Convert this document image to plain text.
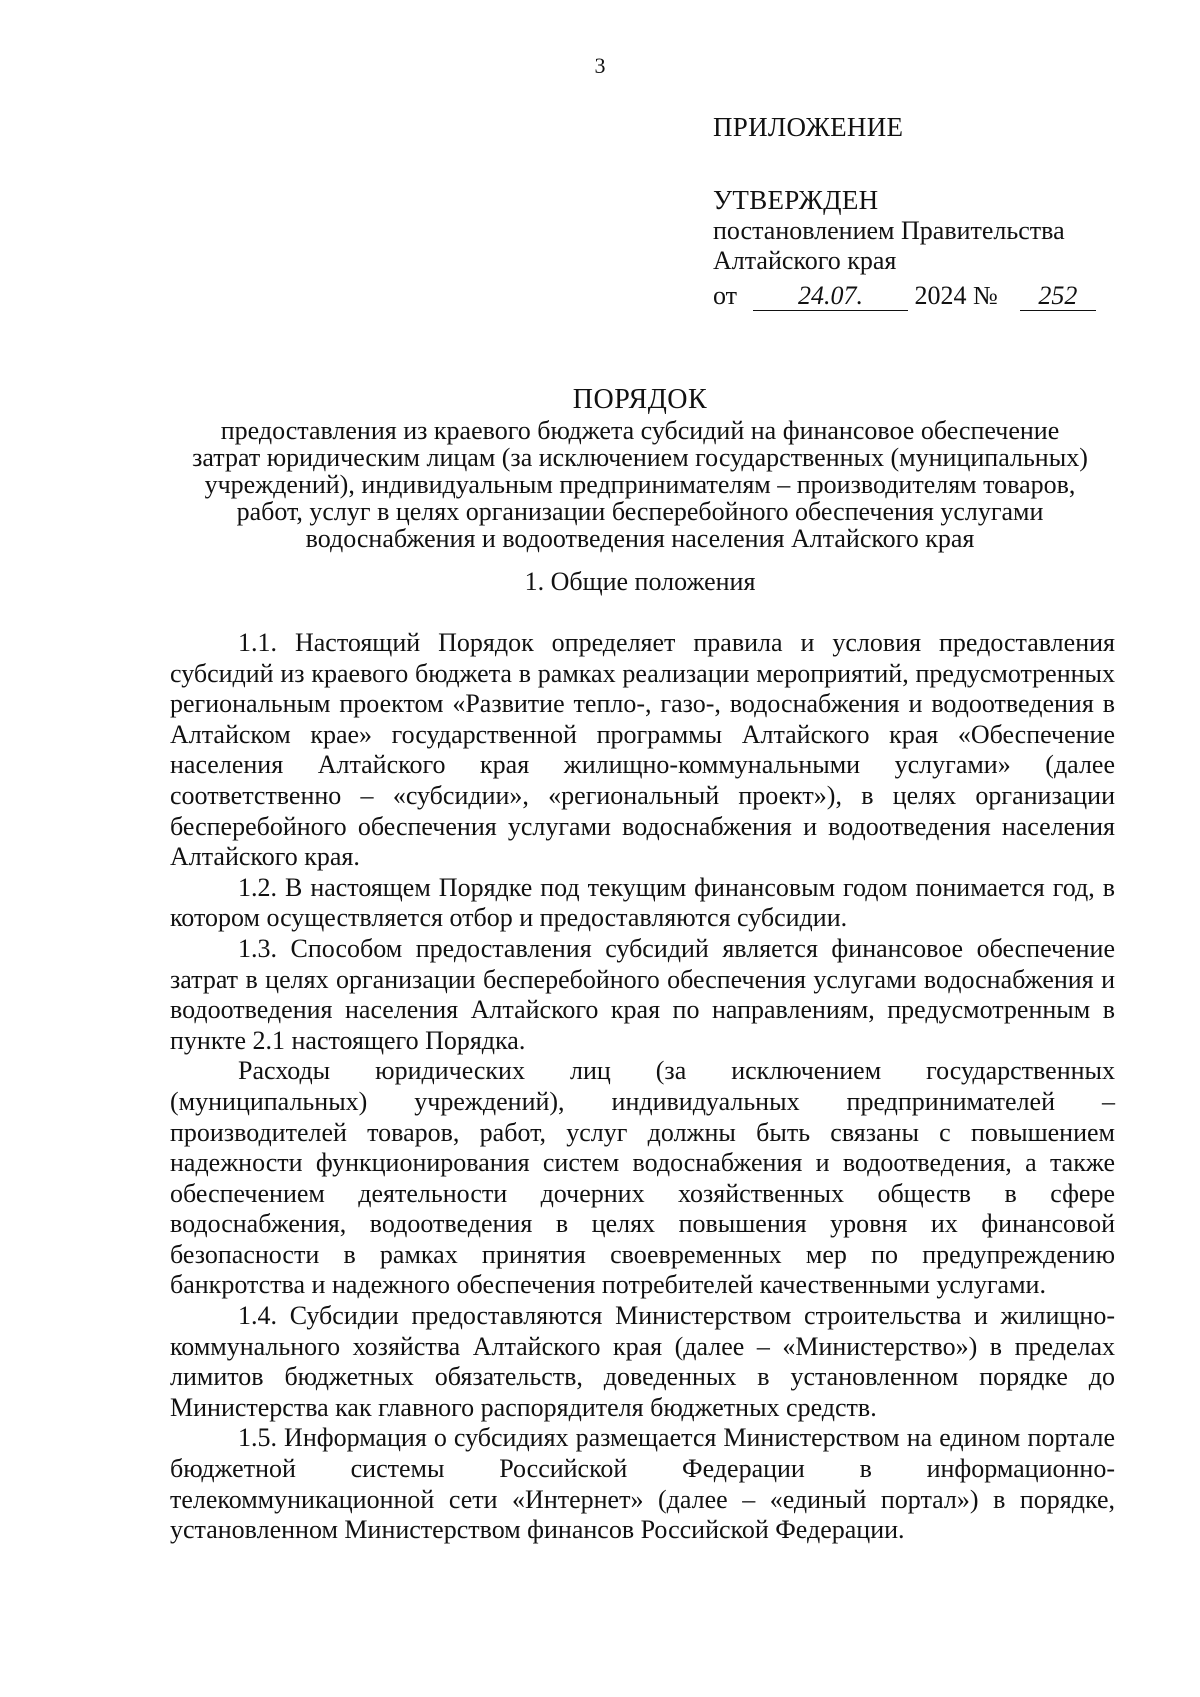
3
ПРИЛОЖЕНИЕ
УТВЕРЖДЕН
постановлением Правительства
Алтайского края
от 24.07. 2024 № 252
ПОРЯДОК
предоставления из краевого бюджета субсидий на финансовое обеспечение
затрат юридическим лицам (за исключением государственных (муниципальных)
учреждений), индивидуальным предпринимателям – производителям товаров,
работ, услуг в целях организации бесперебойного обеспечения услугами
водоснабжения и водоотведения населения Алтайского края
1. Общие положения

1.1. Настоящий Порядок определяет правила и условия предоставления субсидий из краевого бюджета в рамках реализации мероприятий, предусмотренных региональным проектом «Развитие тепло-, газо-, водоснабжения и водоотведения в Алтайском крае» государственной программы Алтайского края «Обеспечение населения Алтайского края жилищно-коммунальными услугами» (далее соответственно – «субсидии», «региональный проект»), в целях организации бесперебойного обеспечения услугами водоснабжения и водоотведения населения Алтайского края.

1.2. В настоящем Порядке под текущим финансовым годом понимается год, в котором осуществляется отбор и предоставляются субсидии.

1.3. Способом предоставления субсидий является финансовое обеспечение затрат в целях организации бесперебойного обеспечения услугами водоснабжения и водоотведения населения Алтайского края по направлениям, предусмотренным в пункте 2.1 настоящего Порядка.

Расходы юридических лиц (за исключением государственных (муниципальных) учреждений), индивидуальных предпринимателей – производителей товаров, работ, услуг должны быть связаны с повышением надежности функционирования систем водоснабжения и водоотведения, а также обеспечением деятельности дочерних хозяйственных обществ в сфере водоснабжения, водоотведения в целях повышения уровня их финансовой безопасности в рамках принятия своевременных мер по предупреждению банкротства и надежного обеспечения потребителей качественными услугами.

1.4. Субсидии предоставляются Министерством строительства и жилищно-коммунального хозяйства Алтайского края (далее – «Министерство») в пределах лимитов бюджетных обязательств, доведенных в установленном порядке до Министерства как главного распорядителя бюджетных средств.

1.5. Информация о субсидиях размещается Министерством на едином портале бюджетной системы Российской Федерации в информационно-телекоммуникационной сети «Интернет» (далее – «единый портал») в порядке, установленном Министерством финансов Российской Федерации.
